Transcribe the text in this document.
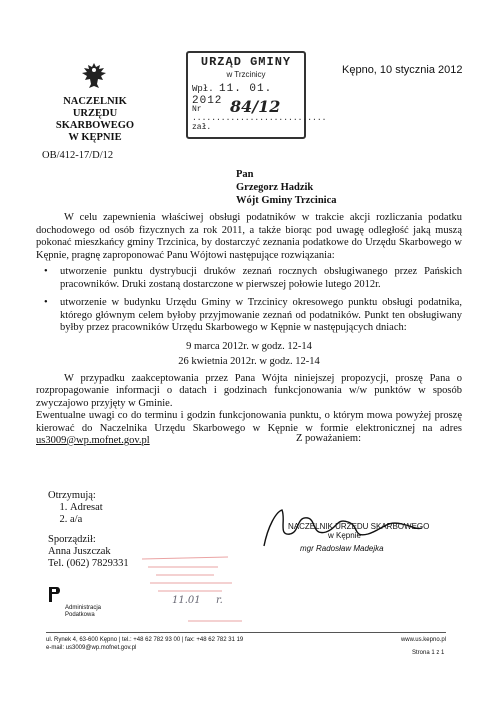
NACZELNIK
URZĘDU SKARBOWEGO
W KĘPNIE
URZĄD GMINY
w Trzcinicy
Wpł. 11. 01. 2012
Nr ............................ zał.
84/12
Kępno, 10 stycznia 2012
OB/412-17/D/12
Pan
Grzegorz Hadzik
Wójt Gminy Trzcinica

W celu zapewnienia właściwej obsługi podatników w trakcie akcji rozliczania podatku dochodowego od osób fizycznych za rok 2011, a także biorąc pod uwagę odległość jaką muszą pokonać mieszkańcy gminy Trzcinica, by dostarczyć zeznania podatkowe do Urzędu Skarbowego w Kępnie, pragnę zaproponować Panu Wójtowi następujące rozwiązania:

• utworzenie punktu dystrybucji druków zeznań rocznych obsługiwanego przez Pańskich pracowników. Druki zostaną dostarczone w pierwszej połowie lutego 2012r.
• utworzenie w budynku Urzędu Gminy w Trzcinicy okresowego punktu obsługi podatnika, którego głównym celem byłoby przyjmowanie zeznań od podatników. Punkt ten obsługiwany byłby przez pracowników Urzędu Skarbowego w Kępnie w następujących dniach:
9 marca 2012r. w godz. 12-14
26 kwietnia 2012r. w godz. 12-14

W przypadku zaakceptowania przez Pana Wójta niniejszej propozycji, proszę Pana o rozpropagowanie informacji o datach i godzinach funkcjonowania w/w punktów w sposób zwyczajowo przyjęty w Gminie.

Ewentualne uwagi co do terminu i godzin funkcjonowania punktu, o którym mowa powyżej proszę kierować do Naczelnika Urzędu Skarbowego w Kępnie w formie elektronicznej na adres us3009@wp.mofnet.gov.pl	Z poważaniem:
NACZELNIK URZĘDU SKARBOWEGO
w Kępnie
mgr Radosław Madejka
Otrzymują:
1. Adresat
2. a/a
Sporządził:
Anna Juszczak
Tel. (062) 7829331
11.01 r.
Administracja
Podatkowa
ul. Rynek 4, 63-600 Kępno | tel.: +48 62 782 93 00 | fax: +48 62 782 31 19
e-mail: us3009@wp.mofnet.gov.pl
www.us.kepno.pl
Strona 1 z 1
